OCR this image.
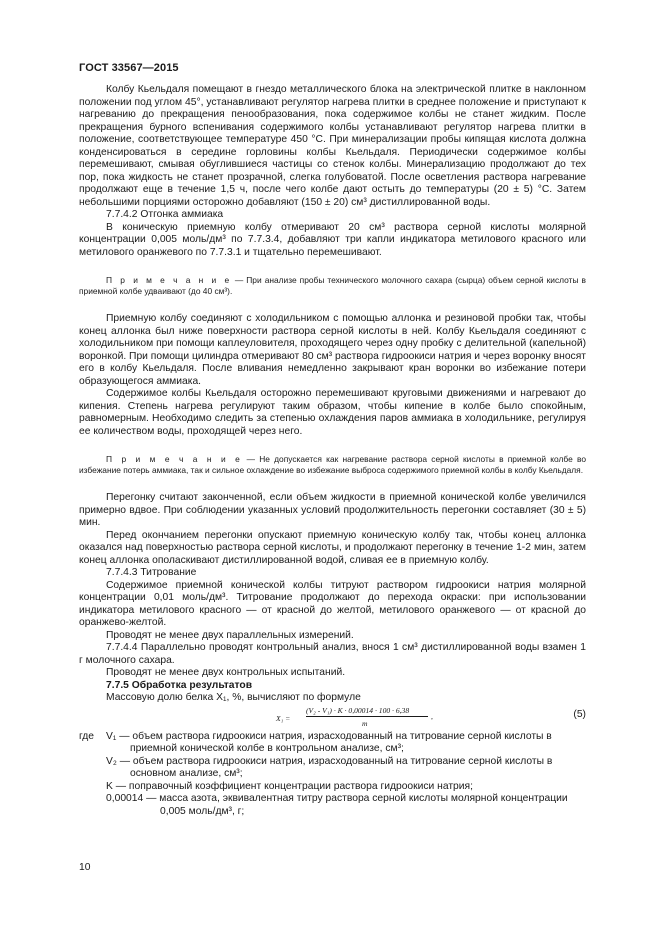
ГОСТ 33567—2015

Колбу Кьельдаля помещают в гнездо металлического блока на электрической плитке в наклонном положении под углом 45°, устанавливают регулятор нагрева плитки в среднее положение и приступают к нагреванию до прекращения пенообразования, пока содержимое колбы не станет жидким. После прекращения бурного вспенивания содержимого колбы устанавливают регулятор нагрева плитки в положение, соответствующее температуре 450 °С. При минерализации пробы кипящая кислота должна конденсироваться в середине горловины колбы Кьельдаля. Периодически содержимое колбы перемешивают, смывая обуглившиеся частицы со стенок колбы. Минерализацию продолжают до тех пор, пока жидкость не станет прозрачной, слегка голубоватой. После осветления раствора нагревание продолжают еще в течение 1,5 ч, после чего колбе дают остыть до температуры (20 ± 5) °С. Затем небольшими порциями осторожно добавляют (150 ± 20) см³ дистиллированной воды.

7.7.4.2 Отгонка аммиака

В коническую приемную колбу отмеривают 20 см³ раствора серной кислоты молярной концентрации 0,005 моль/дм³ по 7.7.3.4, добавляют три капли индикатора метилового красного или метилового оранжевого по 7.7.3.1 и тщательно перемешивают.

П р и м е ч а н и е — При анализе пробы технического молочного сахара (сырца) объем серной кислоты в приемной колбе удваивают (до 40 см³).

Приемную колбу соединяют с холодильником с помощью аллонка и резиновой пробки так, чтобы конец аллонка был ниже поверхности раствора серной кислоты в ней. Колбу Кьельдаля соединяют с холодильником при помощи каплеуловителя, проходящего через одну пробку с делительной (капельной) воронкой. При помощи цилиндра отмеривают 80 см³ раствора гидроокиси натрия и через воронку вносят его в колбу Кьельдаля. После вливания немедленно закрывают кран воронки во избежание потери образующегося аммиака.

Содержимое колбы Кьельдаля осторожно перемешивают круговыми движениями и нагревают до кипения. Степень нагрева регулируют таким образом, чтобы кипение в колбе было спокойным, равномерным. Необходимо следить за степенью охлаждения паров аммиака в холодильнике, регулируя ее количеством воды, проходящей через него.

П р и м е ч а н и е — Не допускается как нагревание раствора серной кислоты в приемной колбе во избежание потерь аммиака, так и сильное охлаждение во избежание выброса содержимого приемной колбы в колбу Кьельдаля.

Перегонку считают законченной, если объем жидкости в приемной конической колбе увеличился примерно вдвое. При соблюдении указанных условий продолжительность перегонки составляет (30 ± 5) мин.

Перед окончанием перегонки опускают приемную коническую колбу так, чтобы конец аллонка оказался над поверхностью раствора серной кислоты, и продолжают перегонку в течение 1-2 мин, затем конец аллонка ополаскивают дистиллированной водой, сливая ее в приемную колбу.

7.7.4.3 Титрование

Содержимое приемной конической колбы титруют раствором гидроокиси натрия молярной концентрации 0,01 моль/дм³. Титрование продолжают до перехода окраски: при использовании индикатора метилового красного — от красной до желтой, метилового оранжевого — от красной до оранжево-желтой.

Проводят не менее двух параллельных измерений.

7.7.4.4 Параллельно проводят контрольный анализ, внося 1 см³ дистиллированной воды взамен 1 г молочного сахара.

Проводят не менее двух контрольных испытаний.

7.7.5 Обработка результатов

Массовую долю белка X₁, %, вычисляют по формуле

X₁ =
(V₂ - V₁) · K · 0,00014 · 100 · 6,38
m
,	(5)
где V₁ — объем раствора гидроокиси натрия, израсходованный на титрование серной кислоты в приемной конической колбе в контрольном анализе, см³;
V₂ — объем раствора гидроокиси натрия, израсходованный на титрование серной кислоты в основном анализе, см³;
K — поправочный коэффициент концентрации раствора гидроокиси натрия;
0,00014 — масса азота, эквивалентная титру раствора серной кислоты молярной концентрации 0,005 моль/дм³, г;
10
